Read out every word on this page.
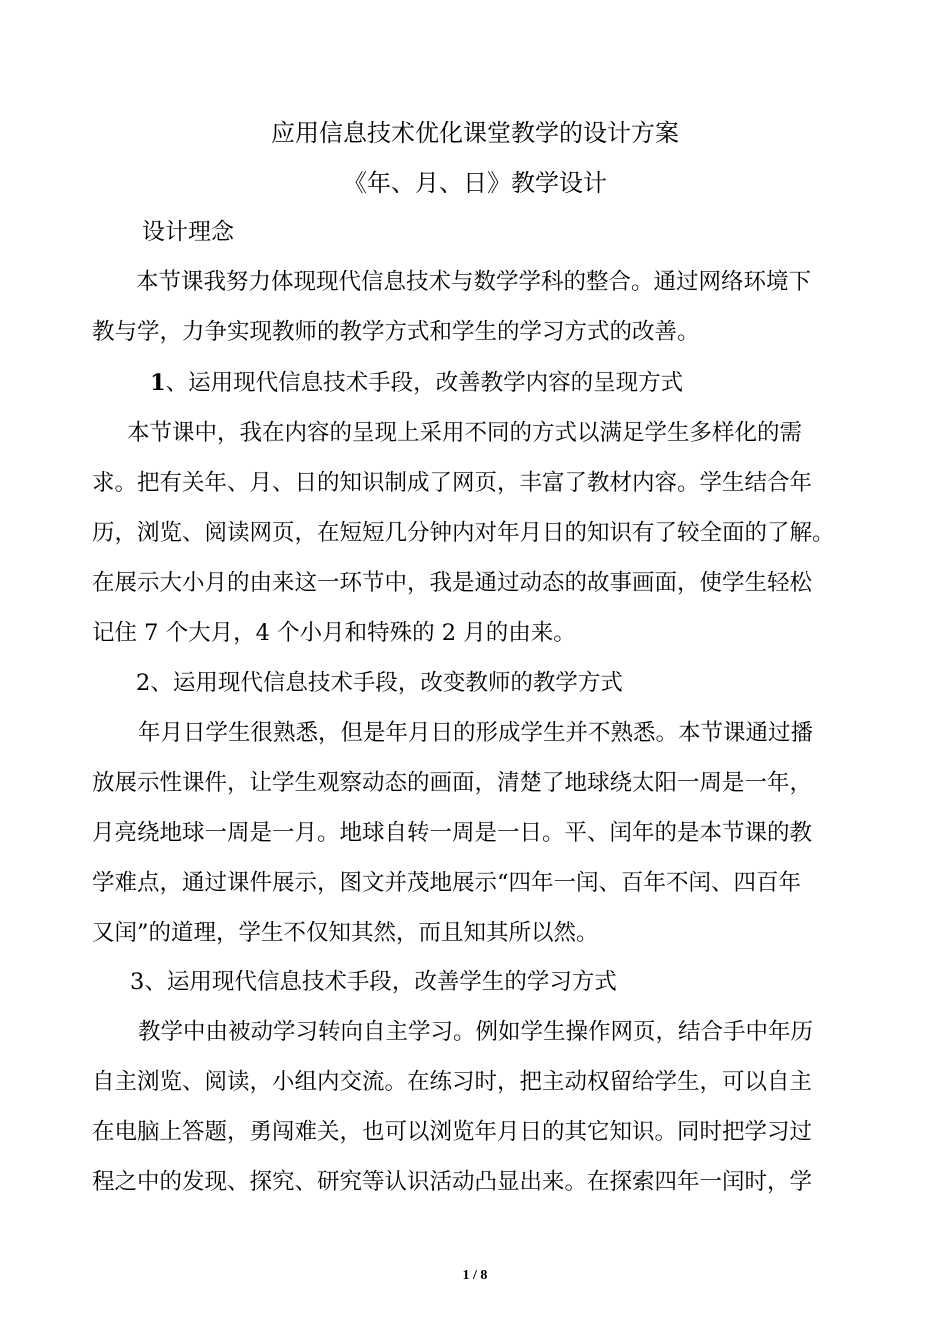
应用信息技术优化课堂教学的设计方案

《年、月、日》教学设计

设计理念

本节课我努力体现现代信息技术与数学学科的整合。通过网络环境下

教与学，力争实现教师的教学方式和学生的学习方式的改善。

1、运用现代信息技术手段，改善教学内容的呈现方式

本节课中，我在内容的呈现上采用不同的方式以满足学生多样化的需

求。把有关年、月、日的知识制成了网页，丰富了教材内容。学生结合年

历，浏览、阅读网页，在短短几分钟内对年月日的知识有了较全面的了解。

在展示大小月的由来这一环节中，我是通过动态的故事画面，使学生轻松

记住 7 个大月，4 个小月和特殊的 2 月的由来。

2、运用现代信息技术手段，改变教师的教学方式

年月日学生很熟悉，但是年月日的形成学生并不熟悉。本节课通过播

放展示性课件，让学生观察动态的画面，清楚了地球绕太阳一周是一年，

月亮绕地球一周是一月。地球自转一周是一日。平、闰年的是本节课的教

学难点，通过课件展示，图文并茂地展示“四年一闰、百年不闰、四百年

又闰”的道理，学生不仅知其然，而且知其所以然。

3、运用现代信息技术手段，改善学生的学习方式

教学中由被动学习转向自主学习。例如学生操作网页，结合手中年历

自主浏览、阅读，小组内交流。在练习时，把主动权留给学生，可以自主

在电脑上答题，勇闯难关，也可以浏览年月日的其它知识。同时把学习过

程之中的发现、探究、研究等认识活动凸显出来。在探索四年一闰时，学

1 / 8
